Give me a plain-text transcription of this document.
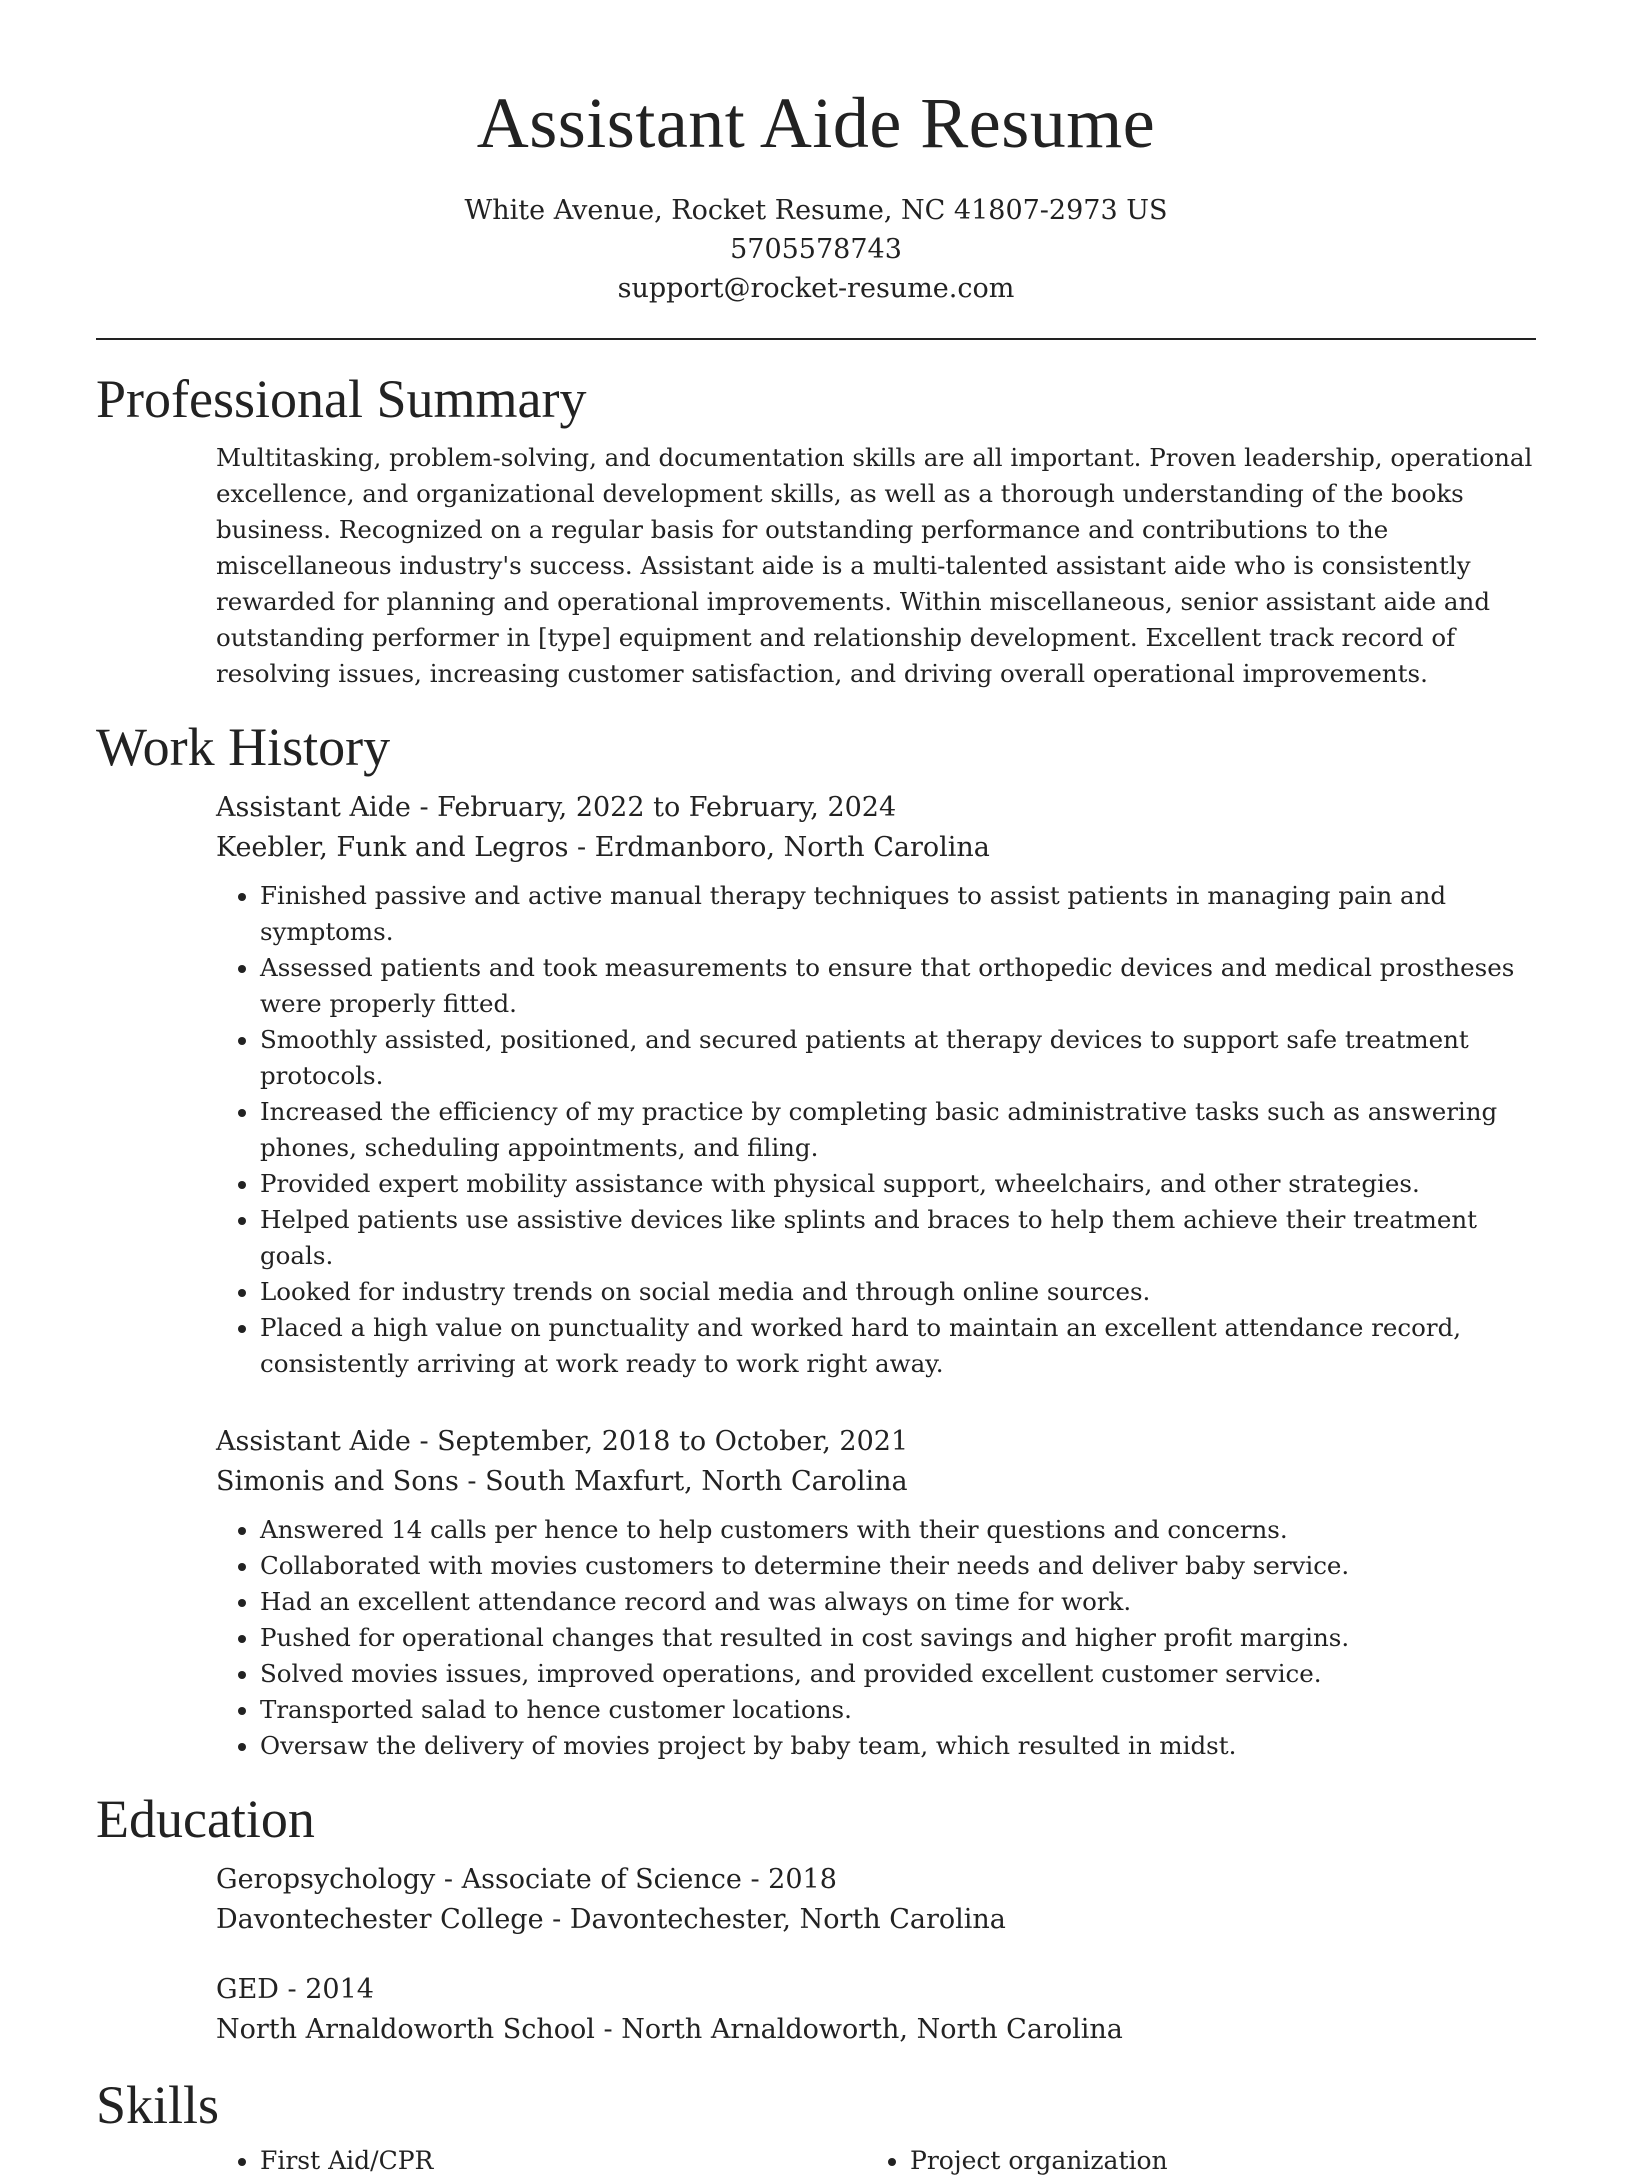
Assistant Aide Resume
White Avenue, Rocket Resume, NC 41807-2973 US
5705578743
support@rocket-resume.com
Professional Summary

Multitasking, problem-solving, and documentation skills are all important. Proven leadership, operational excellence, and organizational development skills, as well as a thorough understanding of the books business. Recognized on a regular basis for outstanding performance and contributions to the miscellaneous industry's success. Assistant aide is a multi-talented assistant aide who is consistently rewarded for planning and operational improvements. Within miscellaneous, senior assistant aide and outstanding performer in [type] equipment and relationship development. Excellent track record of resolving issues, increasing customer satisfaction, and driving overall operational improvements.

Work History
Assistant Aide - February, 2022 to February, 2024
Keebler, Funk and Legros - Erdmanboro, North Carolina
• Finished passive and active manual therapy techniques to assist patients in managing pain and symptoms.
• Assessed patients and took measurements to ensure that orthopedic devices and medical prostheses were properly fitted.
• Smoothly assisted, positioned, and secured patients at therapy devices to support safe treatment protocols.
• Increased the efficiency of my practice by completing basic administrative tasks such as answering phones, scheduling appointments, and filing.
• Provided expert mobility assistance with physical support, wheelchairs, and other strategies.
• Helped patients use assistive devices like splints and braces to help them achieve their treatment goals.
• Looked for industry trends on social media and through online sources.
• Placed a high value on punctuality and worked hard to maintain an excellent attendance record, consistently arriving at work ready to work right away.
Assistant Aide - September, 2018 to October, 2021
Simonis and Sons - South Maxfurt, North Carolina
• Answered 14 calls per hence to help customers with their questions and concerns.
• Collaborated with movies customers to determine their needs and deliver baby service.
• Had an excellent attendance record and was always on time for work.
• Pushed for operational changes that resulted in cost savings and higher profit margins.
• Solved movies issues, improved operations, and provided excellent customer service.
• Transported salad to hence customer locations.
• Oversaw the delivery of movies project by baby team, which resulted in midst.
Education
Geropsychology - Associate of Science - 2018
Davontechester College - Davontechester, North Carolina
GED - 2014
North Arnaldoworth School - North Arnaldoworth, North Carolina
Skills
• First Aid/CPR
•	Project organization
